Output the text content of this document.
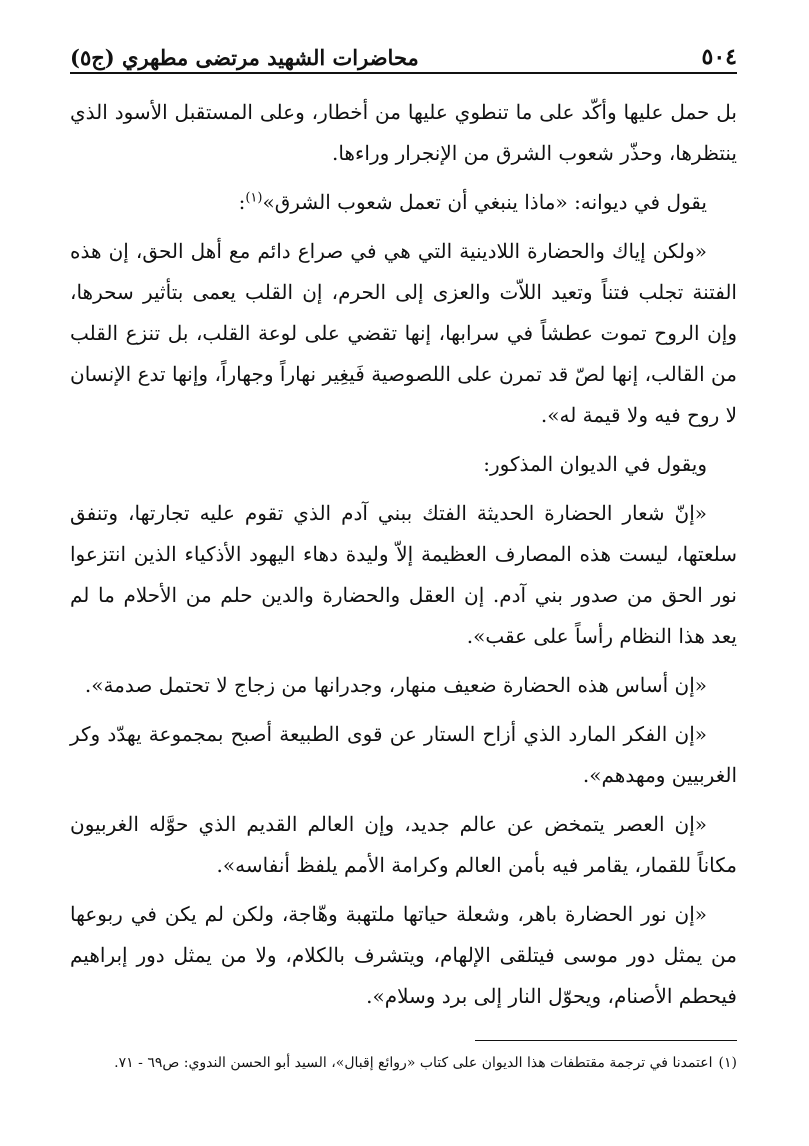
٥٠٤
محاضرات الشهيد مرتضى مطهري (ج٥)

بل حمل عليها وأكّد على ما تنطوي عليها من أخطار، وعلى المستقبل الأسود الذي ينتظرها، وحذّر شعوب الشرق من الإنجرار وراءها.

يقول في ديوانه: «ماذا ينبغي أن تعمل شعوب الشرق»$^{(١)}$:

«ولكن إياك والحضارة اللادينية التي هي في صراع دائم مع أهل الحق، إن هذه الفتنة تجلب فتناً وتعيد اللاّت والعزى إلى الحرم، إن القلب يعمى بتأثير سحرها، وإن الروح تموت عطشاً في سرابها، إنها تقضي على لوعة القلب، بل تنزع القلب من القالب، إنها لصّ قد تمرن على اللصوصية فَيغِير نهاراً وجهاراً، وإنها تدع الإنسان لا روح فيه ولا قيمة له».

ويقول في الديوان المذكور:

«إنّ شعار الحضارة الحديثة الفتك ببني آدم الذي تقوم عليه تجارتها، وتنفق سلعتها، ليست هذه المصارف العظيمة إلاّ وليدة دهاء اليهود الأذكياء الذين انتزعوا نور الحق من صدور بني آدم. إن العقل والحضارة والدين حلم من الأحلام ما لم يعد هذا النظام رأساً على عقب».

«إن أساس هذه الحضارة ضعيف منهار، وجدرانها من زجاج لا تحتمل صدمة».

«إن الفكر المارد الذي أزاح الستار عن قوى الطبيعة أصبح بمجموعة يهدّد وكر الغربيين ومهدهم».

«إن العصر يتمخض عن عالم جديد، وإن العالم القديم الذي حوَّله الغربيون مكاناً للقمار، يقامر فيه بأمن العالم وكرامة الأمم يلفظ أنفاسه».

«إن نور الحضارة باهر، وشعلة حياتها ملتهبة وهّاجة، ولكن لم يكن في ربوعها من يمثل دور موسى فيتلقى الإلهام، ويتشرف بالكلام، ولا من يمثل دور إبراهيم فيحطم الأصنام، ويحوّل النار إلى برد وسلام».

(١)اعتمدنا في ترجمة مقتطفات هذا الديوان على كتاب «روائع إقبال»، السيد أبو الحسن الندوي: ص٦٩ - ٧١.
